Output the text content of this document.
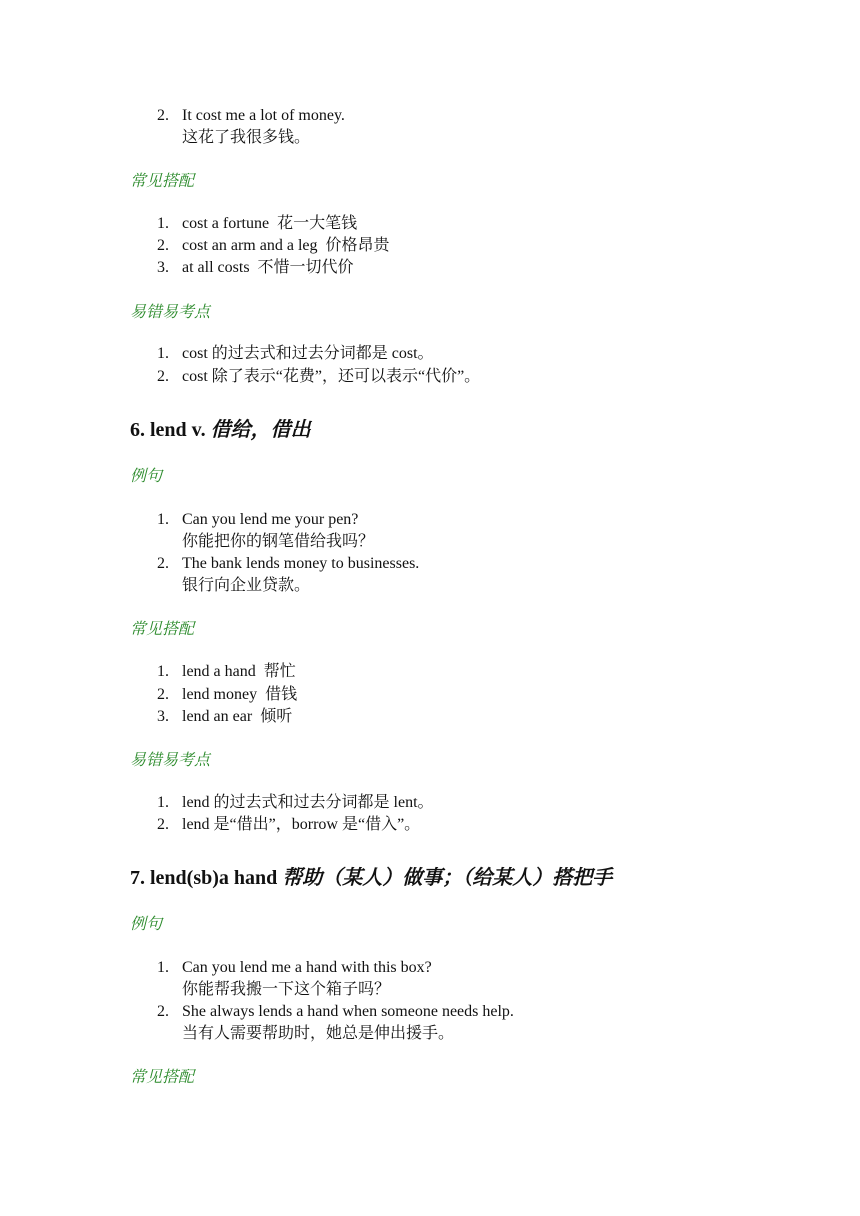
2. It cost me a lot of money.
这花了我很多钱。
常见搭配
1. cost a fortune 花一大笔钱
2. cost an arm and a leg 价格昂贵
3. at all costs 不惜一切代价
易错易考点
1. cost 的过去式和过去分词都是 cost。
2. cost 除了表示“花费”，还可以表示“代价”。
6. lend v. 借给，借出
例句
1. Can you lend me your pen?
你能把你的钢笔借给我吗？
2. The bank lends money to businesses.
银行向企业贷款。
常见搭配
1. lend a hand 帮忙
2. lend money 借钱
3. lend an ear 倾听
易错易考点
1. lend 的过去式和过去分词都是 lent。
2. lend 是“借出”，borrow 是“借入”。
7. lend(sb)a hand 帮助（某人）做事；（给某人）搭把手
例句
1. Can you lend me a hand with this box?
你能帮我搬一下这个箱子吗？
2. She always lends a hand when someone needs help.
当有人需要帮助时，她总是伸出援手。
常见搭配
